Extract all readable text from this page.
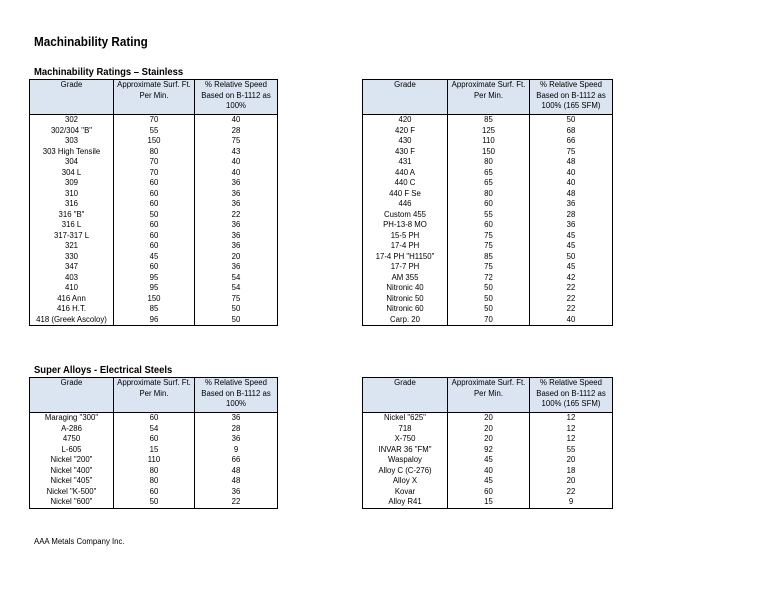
Machinability Rating
Machinability Ratings – Stainless
Grade	Approximate Surf. Ft. Per Min.	% Relative Speed Based on B-1112 as 100%
302	70	40
302/304 "B"	55	28
303	150	75
303 High Tensile	80	43
304	70	40
304 L	70	40
309	60	36
310	60	36
316	60	36
316 "B"	50	22
316 L	60	36
317-317 L	60	36
321	60	36
330	45	20
347	60	36
403	95	54
410	95	54
416 Ann	150	75
416 H.T.	85	50
418 (Greek Ascoloy)	96	50
Grade	Approximate Surf. Ft. Per Min.	% Relative Speed Based on B-1112 as 100% (165 SFM)
420	85	50
420 F	125	68
430	110	66
430 F	150	75
431	80	48
440 A	65	40
440 C	65	40
440 F Se	80	48
446	60	36
Custom 455	55	28
PH-13-8 MO	60	36
15-5 PH	75	45
17-4 PH	75	45
17-4 PH "H1150"	85	50
17-7 PH	75	45
AM 355	72	42
Nitronic 40	50	22
Nitronic 50	50	22
Nitronic 60	50	22
Carp. 20	70	40
Super Alloys - Electrical Steels
Grade	Approximate Surf. Ft. Per Min.	% Relative Speed Based on B-1112 as 100%
Maraging "300"	60	36
A-286	54	28
4750	60	36
L-605	15	9
Nickel "200"	110	66
Nickel "400"	80	48
Nickel "405"	80	48
Nickel "K-500"	60	36
Nickel "600"	50	22
Grade	Approximate Surf. Ft. Per Min.	% Relative Speed Based on B-1112 as 100% (165 SFM)
Nickel "625"	20	12
718	20	12
X-750	20	12
INVAR 36 "FM"	92	55
Waspaloy	45	20
Alloy C (C-276)	40	18
Alloy X	45	20
Kovar	60	22
Alloy R41	15	9
AAA Metals Company Inc.
